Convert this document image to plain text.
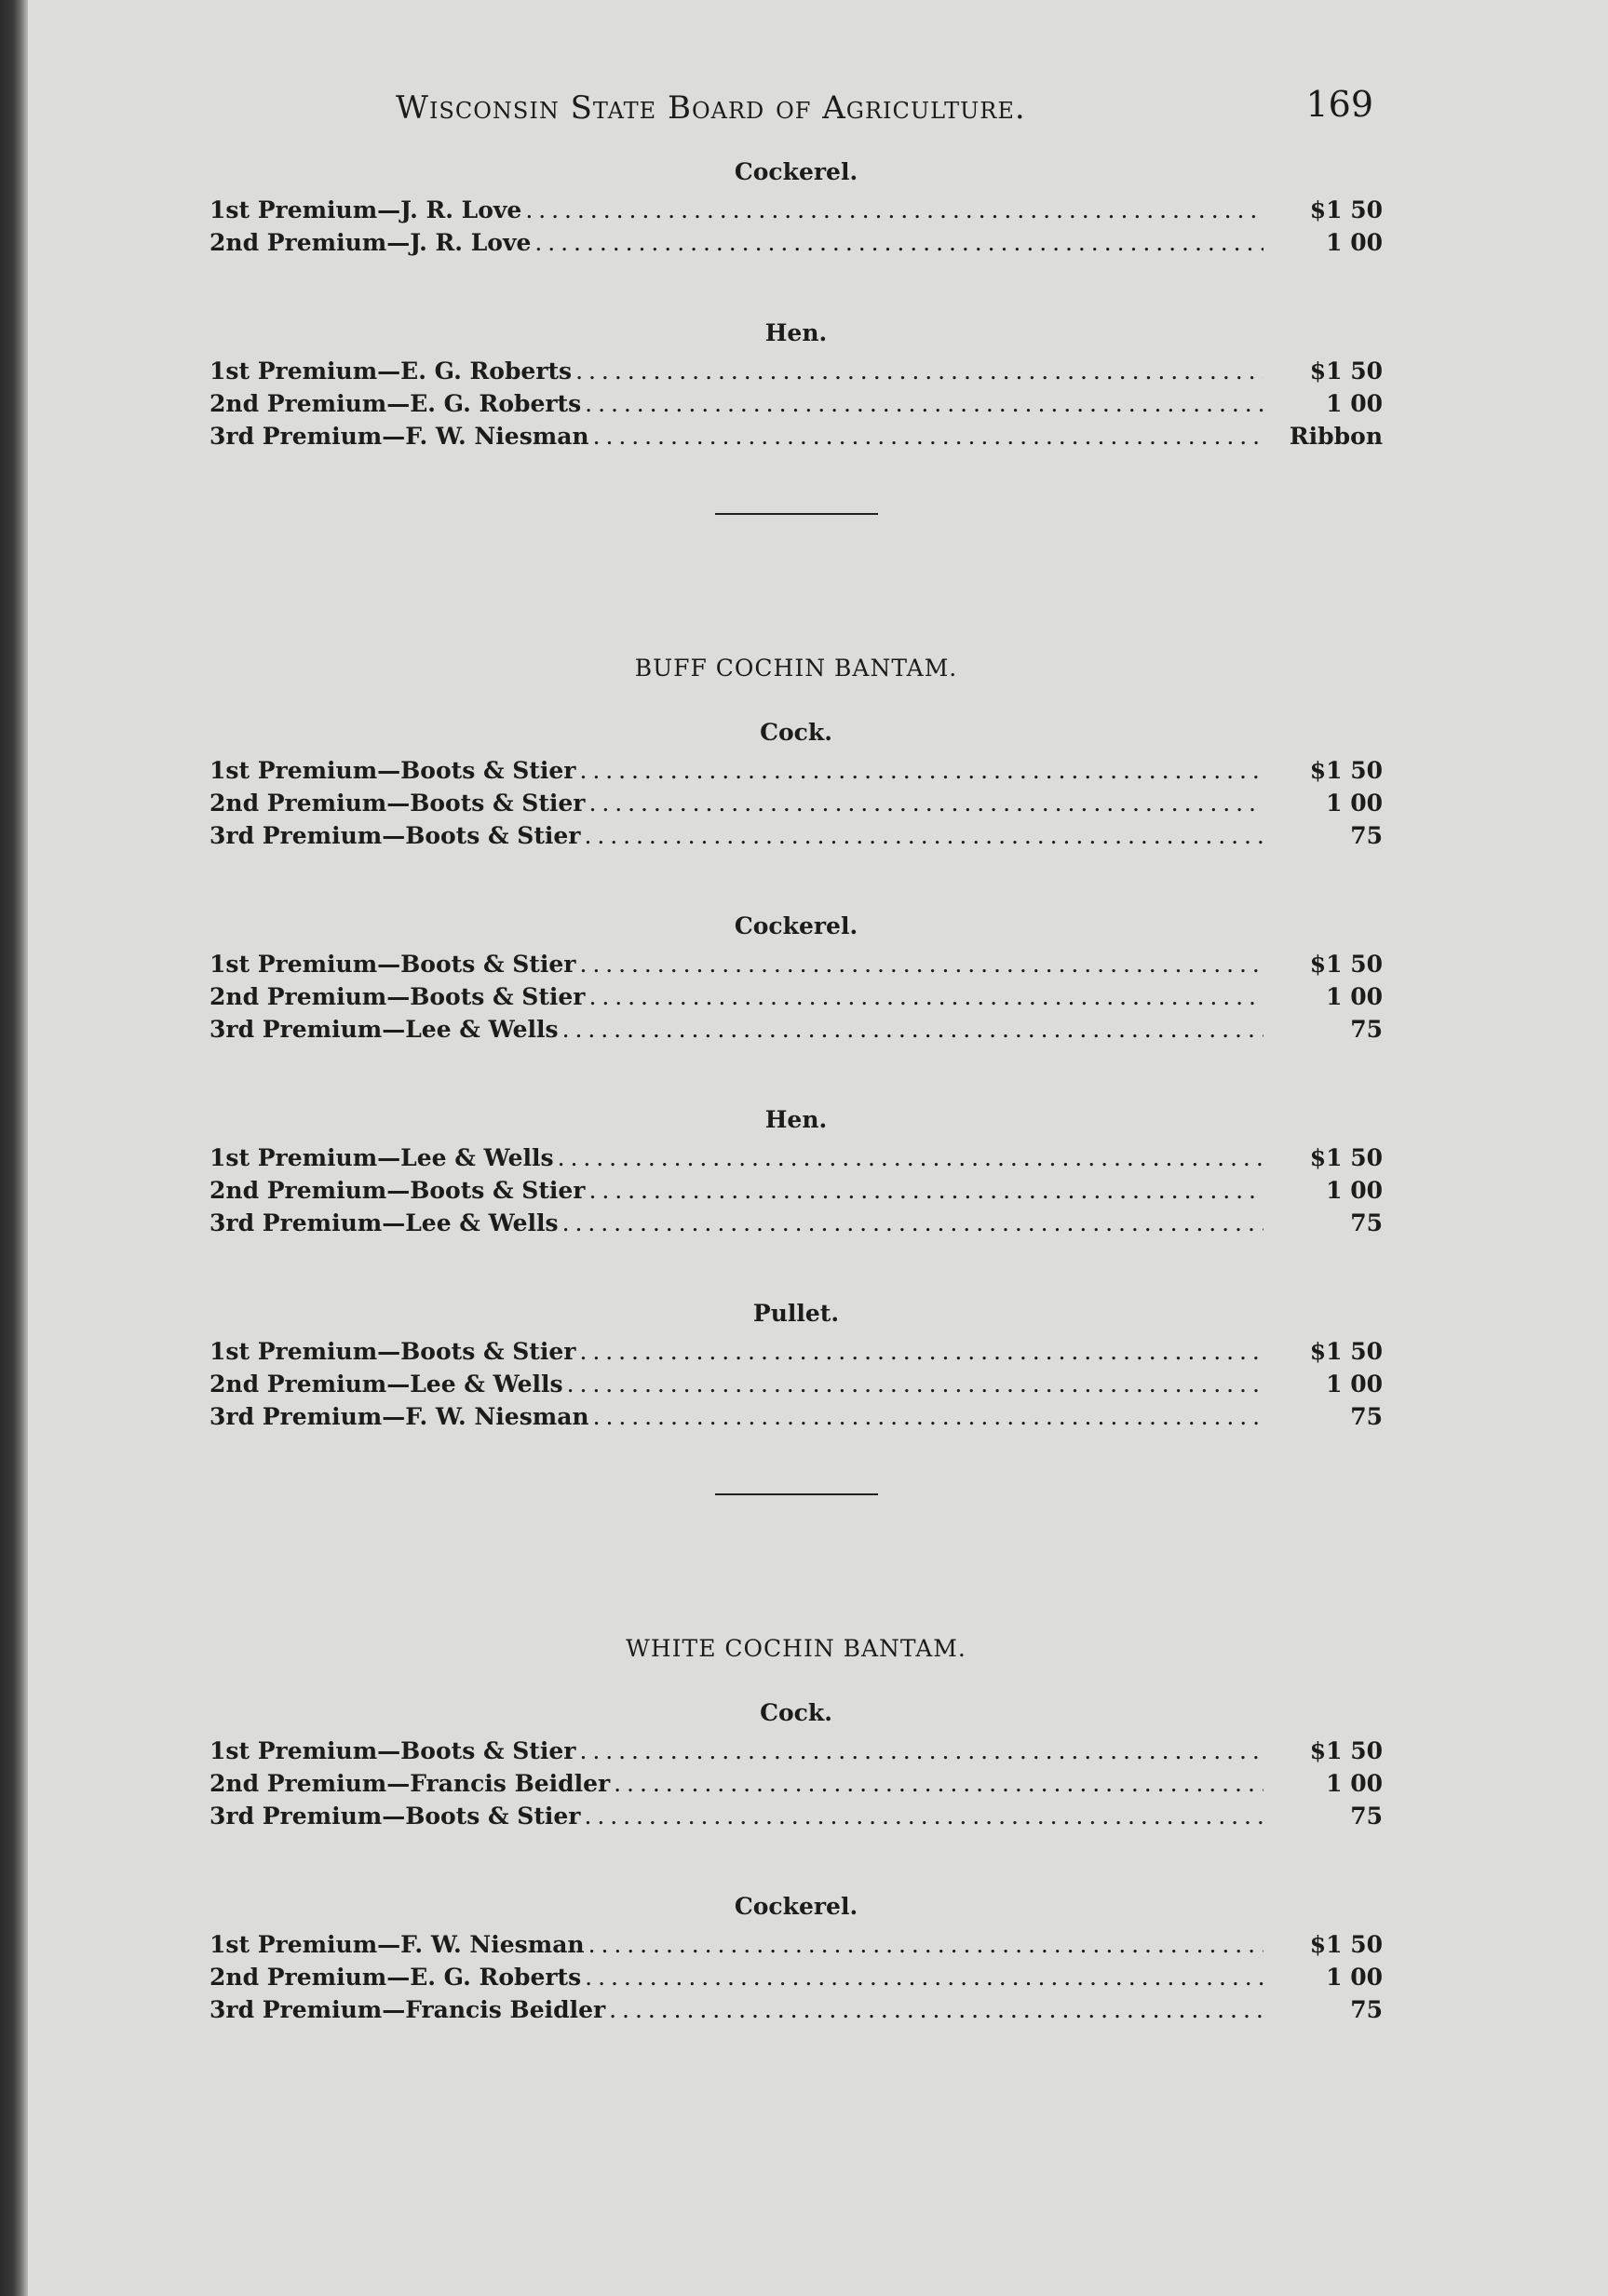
Wisconsin State Board of Agriculture.	169
Cockerel.
1st Premium—J. R. Love . . .	$1 50
2nd Premium—J. R. Love . . .	1 00
Hen.
1st Premium—E. G. Roberts . . .	$1 50
2nd Premium—E. G. Roberts . . .	1 00
3rd Premium—F. W. Niesman . . .	Ribbon
BUFF COCHIN BANTAM.
Cock.
1st Premium—Boots & Stier . . .	$1 50
2nd Premium—Boots & Stier . . .	1 00
3rd Premium—Boots & Stier . . .	75
Cockerel.
1st Premium—Boots & Stier . . .	$1 50
2nd Premium—Boots & Stier . . .	1 00
3rd Premium—Lee & Wells . . .	75
Hen.
1st Premium—Lee & Wells . . .	$1 50
2nd Premium—Boots & Stier . . .	1 00
3rd Premium—Lee & Wells . . .	75
Pullet.
1st Premium—Boots & Stier . . .	$1 50
2nd Premium—Lee & Wells . . .	1 00
3rd Premium—F. W. Niesman . . .	75
WHITE COCHIN BANTAM.
Cock.
1st Premium—Boots & Stier . . .	$1 50
2nd Premium—Francis Beidler . . .	1 00
3rd Premium—Boots & Stier . . .	75
Cockerel.
1st Premium—F. W. Niesman . . .	$1 50
2nd Premium—E. G. Roberts . . .	1 00
3rd Premium—Francis Beidler . . .	75
